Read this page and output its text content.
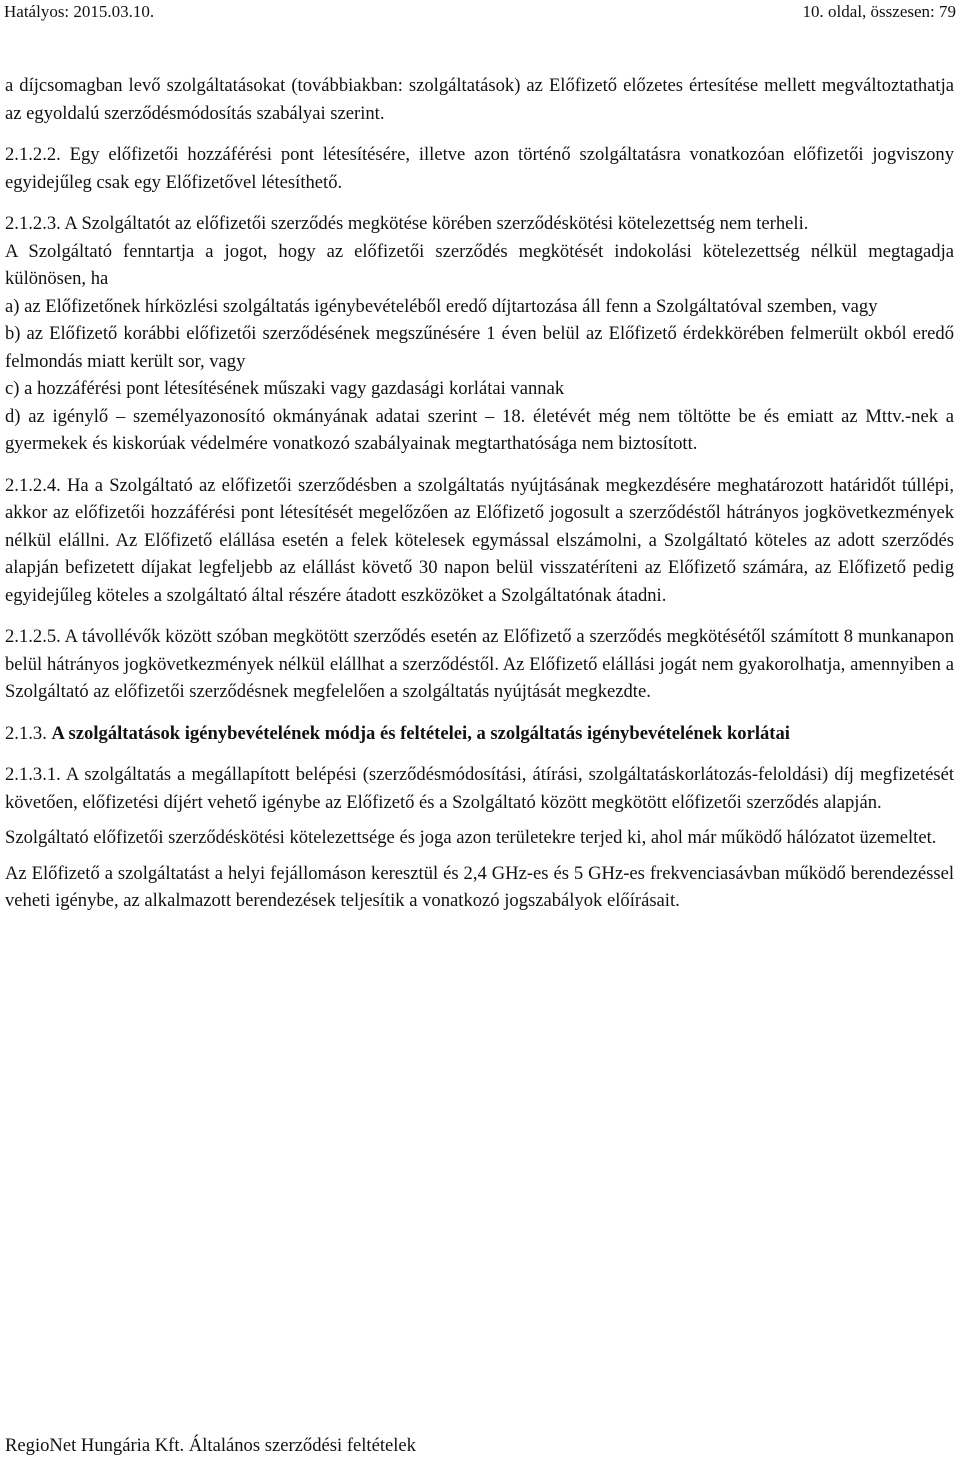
Hatályos: 2015.03.10.	10. oldal, összesen: 79

a díjcsomagban levő szolgáltatásokat (továbbiakban: szolgáltatások) az Előfizető előzetes értesítése mellett megváltoztathatja az egyoldalú szerződésmódosítás szabályai szerint.

2.1.2.2. Egy előfizetői hozzáférési pont létesítésére, illetve azon történő szolgáltatásra vonatkozóan előfizetői jogviszony egyidejűleg csak egy Előfizetővel létesíthető.

2.1.2.3. A Szolgáltatót az előfizetői szerződés megkötése körében szerződéskötési kötelezettség nem terheli.

A Szolgáltató fenntartja a jogot, hogy az előfizetői szerződés megkötését indokolási kötelezettség nélkül megtagadja különösen, ha

a) az Előfizetőnek hírközlési szolgáltatás igénybevételéből eredő díjtartozása áll fenn a Szolgáltatóval szemben, vagy

b) az Előfizető korábbi előfizetői szerződésének megszűnésére 1 éven belül az Előfizető érdekkörében felmerült okból eredő felmondás miatt került sor, vagy

c) a hozzáférési pont létesítésének műszaki vagy gazdasági korlátai vannak

d) az igénylő – személyazonosító okmányának adatai szerint – 18. életévét még nem töltötte be és emiatt az Mttv.-nek a gyermekek és kiskorúak védelmére vonatkozó szabályainak megtarthatósága nem biztosított.

2.1.2.4. Ha a Szolgáltató az előfizetői szerződésben a szolgáltatás nyújtásának megkezdésére meghatározott határidőt túllépi, akkor az előfizetői hozzáférési pont létesítését megelőzően az Előfizető jogosult a szerződéstől hátrányos jogkövetkezmények nélkül elállni. Az Előfizető elállása esetén a felek kötelesek egymással elszámolni, a Szolgáltató köteles az adott szerződés alapján befizetett díjakat legfeljebb az elállást követő 30 napon belül visszatéríteni az Előfizető számára, az Előfizető pedig egyidejűleg köteles a szolgáltató által részére átadott eszközöket a Szolgáltatónak átadni.

2.1.2.5. A távollévők között szóban megkötött szerződés esetén az Előfizető a szerződés megkötésétől számított 8 munkanapon belül hátrányos jogkövetkezmények nélkül elállhat a szerződéstől. Az Előfizető elállási jogát nem gyakorolhatja, amennyiben a Szolgáltató az előfizetői szerződésnek megfelelően a szolgáltatás nyújtását megkezdte.

2.1.3. A szolgáltatások igénybevételének módja és feltételei, a szolgáltatás igénybevételének korlátai

2.1.3.1. A szolgáltatás a megállapított belépési (szerződésmódosítási, átírási, szolgáltatáskorlátozás-feloldási) díj megfizetését követően, előfizetési díjért vehető igénybe az Előfizető és a Szolgáltató között megkötött előfizetői szerződés alapján.

Szolgáltató előfizetői szerződéskötési kötelezettsége és joga azon területekre terjed ki, ahol már működő hálózatot üzemeltet.

Az Előfizető a szolgáltatást a helyi fejállomáson keresztül és 2,4 GHz-es és 5 GHz-es frekvenciasávban működő berendezéssel veheti igénybe, az alkalmazott berendezések teljesítik a vonatkozó jogszabályok előírásait.

RegioNet Hungária Kft. Általános szerződési feltételek
